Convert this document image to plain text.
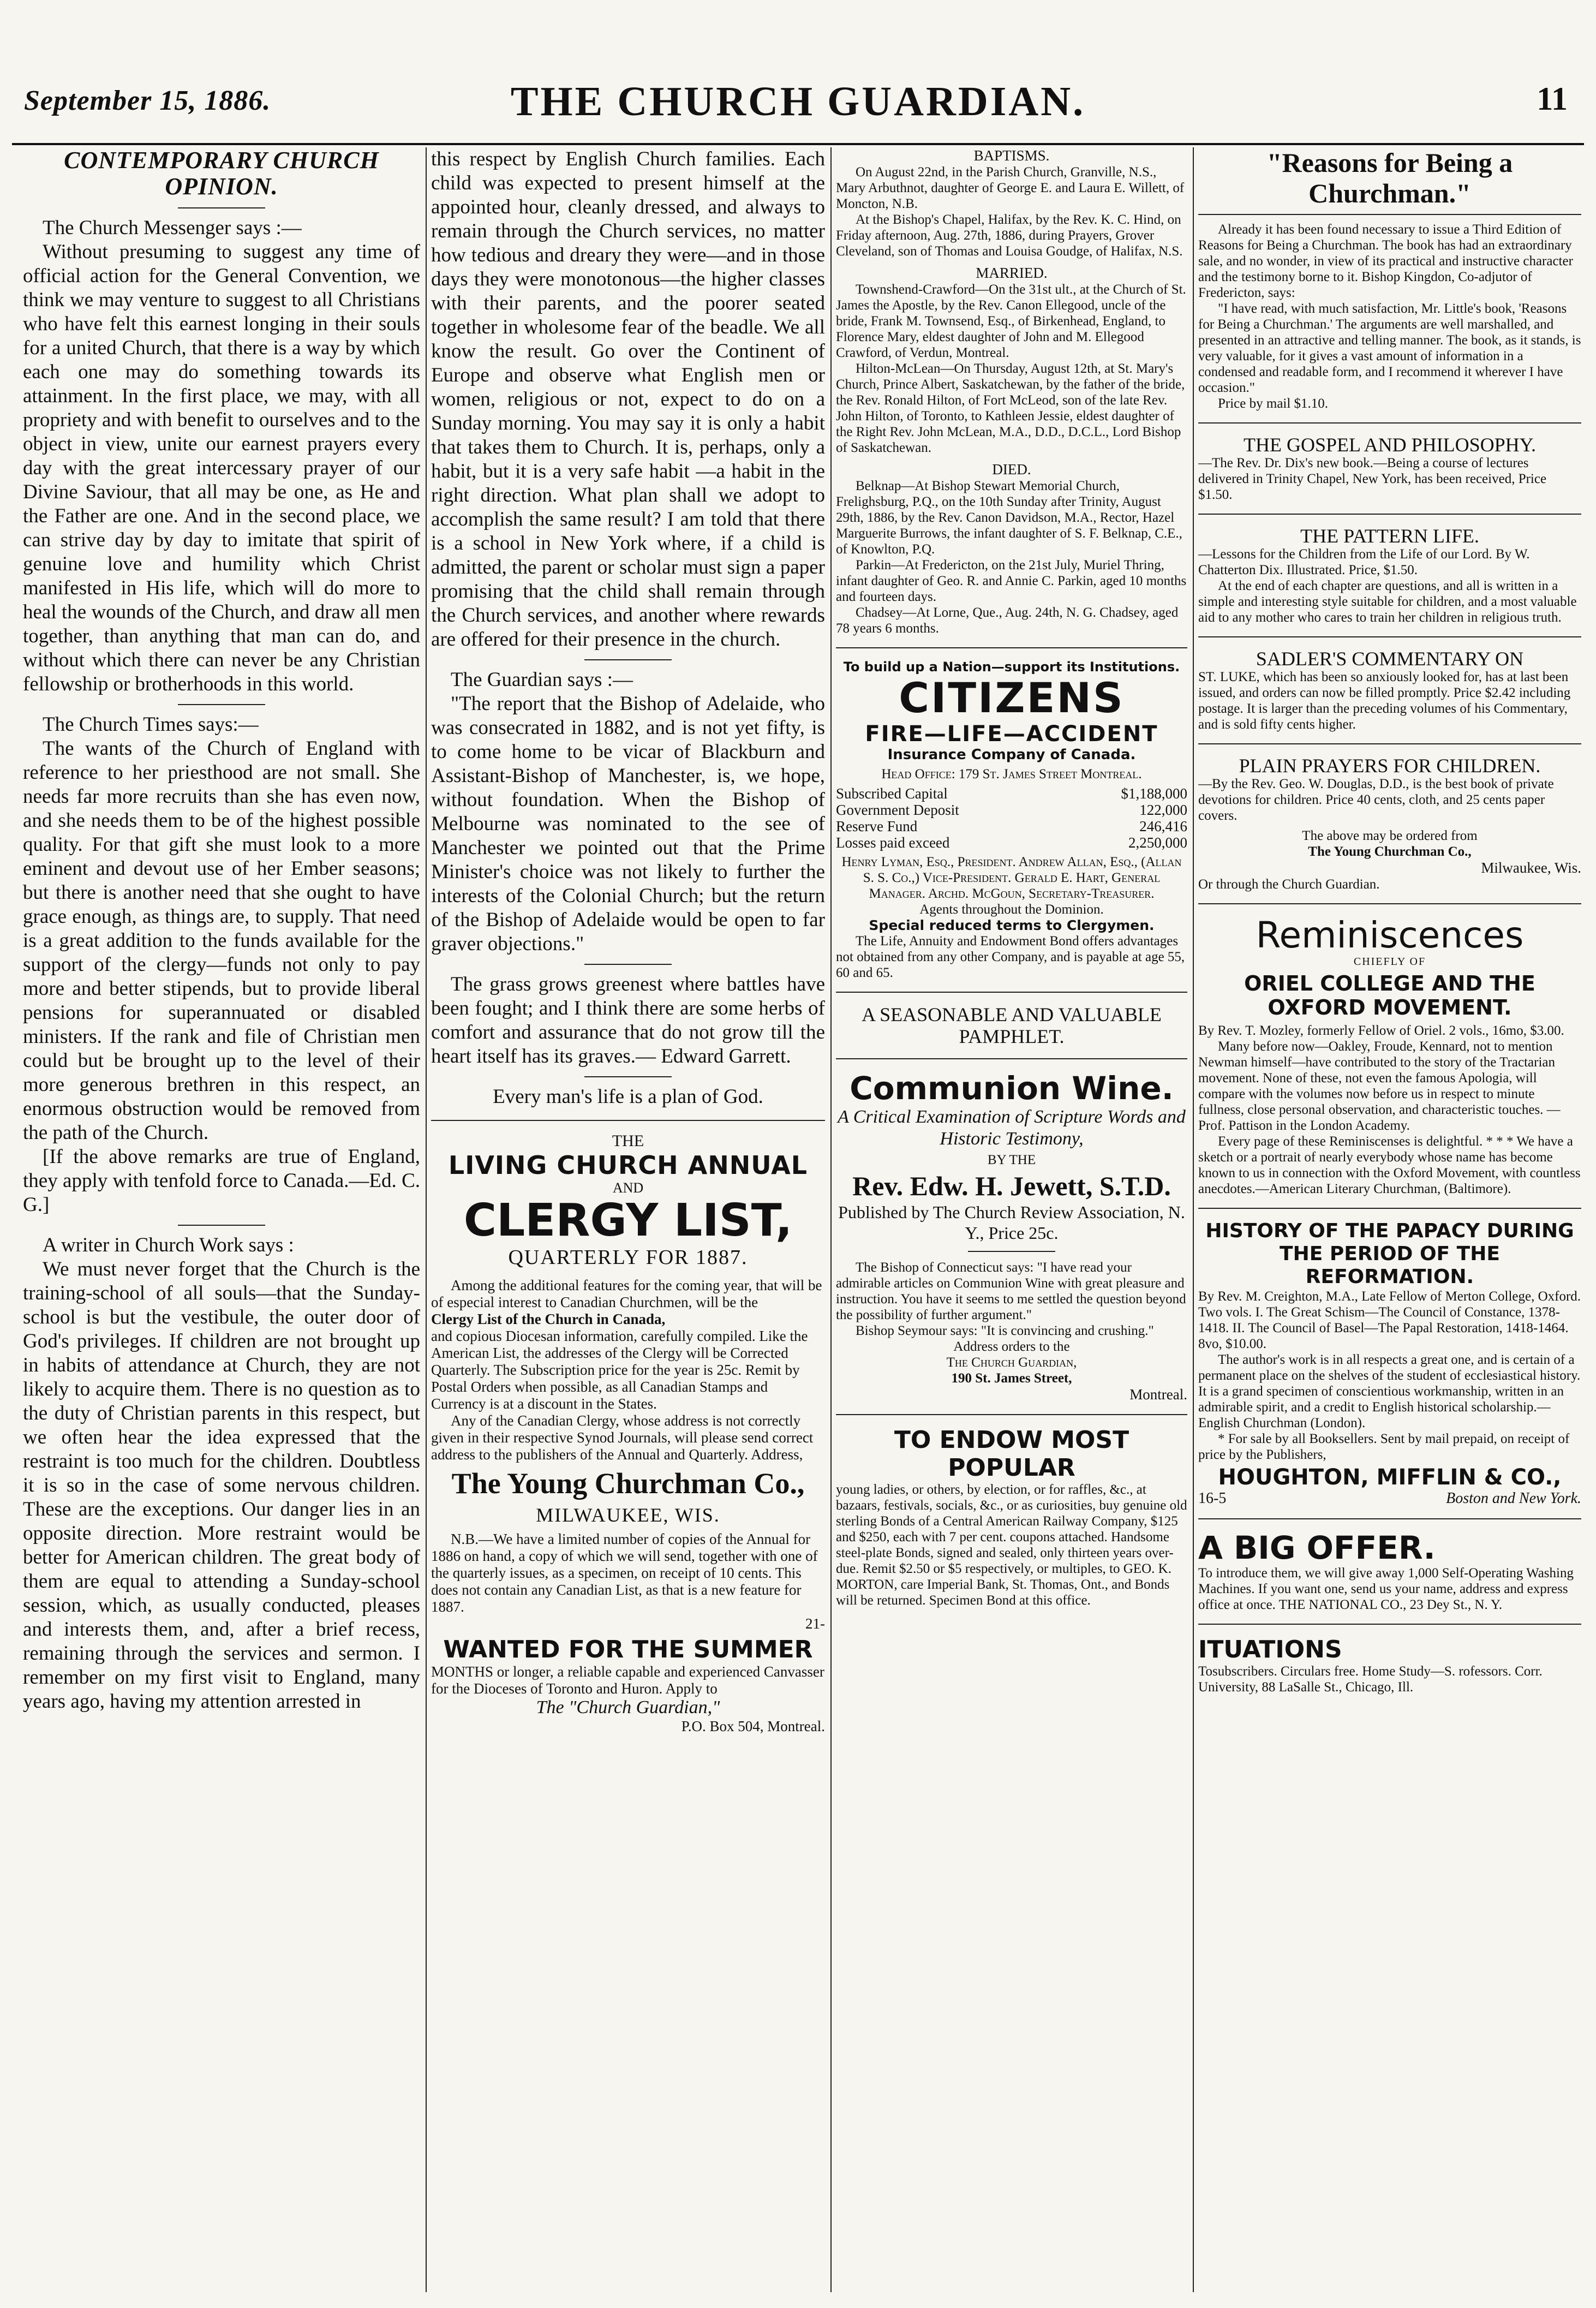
September 15, 1886.	THE CHURCH GUARDIAN.	11

CONTEMPORARY CHURCH OPINION.

The Church Messenger says :—

Without presuming to suggest any time of official action for the General Convention, we think we may venture to suggest to all Christians who have felt this earnest longing in their souls for a united Church, that there is a way by which each one may do something towards its attainment. In the first place, we may, with all propriety and with benefit to ourselves and to the object in view, unite our earnest prayers every day with the great intercessary prayer of our Divine Saviour, that all may be one, as He and the Father are one. And in the second place, we can strive day by day to imitate that spirit of genuine love and humility which Christ manifested in His life, which will do more to heal the wounds of the Church, and draw all men together, than anything that man can do, and without which there can never be any Christian fellowship or brotherhoods in this world.

The Church Times says:—

The wants of the Church of England with reference to her priesthood are not small. She needs far more recruits than she has even now, and she needs them to be of the highest possible quality. For that gift she must look to a more eminent and devout use of her Ember seasons; but there is another need that she ought to have grace enough, as things are, to supply. That need is a great addition to the funds available for the support of the clergy—funds not only to pay more and better stipends, but to provide liberal pensions for superannuated or disabled ministers. If the rank and file of Christian men could but be brought up to the level of their more generous brethren in this respect, an enormous obstruction would be removed from the path of the Church.

[If the above remarks are true of England, they apply with tenfold force to Canada.—Ed. C. G.]

A writer in Church Work says :

We must never forget that the Church is the training-school of all souls—that the Sunday-school is but the vestibule, the outer door of God's privileges. If children are not brought up in habits of attendance at Church, they are not likely to acquire them. There is no question as to the duty of Christian parents in this respect, but we often hear the idea expressed that the restraint is too much for the children. Doubtless it is so in the case of some nervous children. These are the exceptions. Our danger lies in an opposite direction. More restraint would be better for American children. The great body of them are equal to attending a Sunday-school session, which, as usually conducted, pleases and interests them, and, after a brief recess, remaining through the services and sermon. I remember on my first visit to England, many years ago, having my attention arrested in

this respect by English Church families. Each child was expected to present himself at the appointed hour, cleanly dressed, and always to remain through the Church services, no matter how tedious and dreary they were—and in those days they were monotonous—the higher classes with their parents, and the poorer seated together in wholesome fear of the beadle. We all know the result. Go over the Continent of Europe and observe what English men or women, religious or not, expect to do on a Sunday morning. You may say it is only a habit that takes them to Church. It is, perhaps, only a habit, but it is a very safe habit —a habit in the right direction. What plan shall we adopt to accomplish the same result? I am told that there is a school in New York where, if a child is admitted, the parent or scholar must sign a paper promising that the child shall remain through the Church services, and another where rewards are offered for their presence in the church.

The Guardian says :—

"The report that the Bishop of Adelaide, who was consecrated in 1882, and is not yet fifty, is to come home to be vicar of Blackburn and Assistant-Bishop of Manchester, is, we hope, without foundation. When the Bishop of Melbourne was nominated to the see of Manchester we pointed out that the Prime Minister's choice was not likely to further the interests of the Colonial Church; but the return of the Bishop of Adelaide would be open to far graver objections."

The grass grows greenest where battles have been fought; and I think there are some herbs of comfort and assurance that do not grow till the heart itself has its graves.— Edward Garrett.

Every man's life is a plan of God.

THE

LIVING CHURCH ANNUAL

AND

CLERGY LIST,

QUARTERLY FOR 1887.

Among the additional features for the coming year, that will be of especial interest to Canadian Churchmen, will be the

Clergy List of the Church in Canada,

and copious Diocesan information, carefully compiled. Like the American List, the addresses of the Clergy will be Corrected Quarterly. The Subscription price for the year is 25c. Remit by Postal Orders when possible, as all Canadian Stamps and Currency is at a discount in the States.

Any of the Canadian Clergy, whose address is not correctly given in their respective Synod Journals, will please send correct address to the publishers of the Annual and Quarterly. Address,

The Young Churchman Co.,

MILWAUKEE, WIS.

N.B.—We have a limited number of copies of the Annual for 1886 on hand, a copy of which we will send, together with one of the quarterly issues, as a specimen, on receipt of 10 cents. This does not contain any Canadian List, as that is a new feature for 1887.

21-

WANTED FOR THE SUMMER

MONTHS or longer, a reliable capable and experienced Canvasser for the Dioceses of Toronto and Huron. Apply to

The "Church Guardian,"

P.O. Box 504, Montreal.

BAPTISMS.

On August 22nd, in the Parish Church, Granville, N.S., Mary Arbuthnot, daughter of George E. and Laura E. Willett, of Moncton, N.B.

At the Bishop's Chapel, Halifax, by the Rev. K. C. Hind, on Friday afternoon, Aug. 27th, 1886, during Prayers, Grover Cleveland, son of Thomas and Louisa Goudge, of Halifax, N.S.

MARRIED.

Townshend-Crawford—On the 31st ult., at the Church of St. James the Apostle, by the Rev. Canon Ellegood, uncle of the bride, Frank M. Townsend, Esq., of Birkenhead, England, to Florence Mary, eldest daughter of John and M. Ellegood Crawford, of Verdun, Montreal.

Hilton-McLean—On Thursday, August 12th, at St. Mary's Church, Prince Albert, Saskatchewan, by the father of the bride, the Rev. Ronald Hilton, of Fort McLeod, son of the late Rev. John Hilton, of Toronto, to Kathleen Jessie, eldest daughter of the Right Rev. John McLean, M.A., D.D., D.C.L., Lord Bishop of Saskatchewan.

DIED.

Belknap—At Bishop Stewart Memorial Church, Frelighsburg, P.Q., on the 10th Sunday after Trinity, August 29th, 1886, by the Rev. Canon Davidson, M.A., Rector, Hazel Marguerite Burrows, the infant daughter of S. F. Belknap, C.E., of Knowlton, P.Q.

Parkin—At Fredericton, on the 21st July, Muriel Thring, infant daughter of Geo. R. and Annie C. Parkin, aged 10 months and fourteen days.

Chadsey—At Lorne, Que., Aug. 24th, N. G. Chadsey, aged 78 years 6 months.

To build up a Nation—support its Institutions.

CITIZENS

FIRE—LIFE—ACCIDENT

Insurance Company of Canada.

Head Office: 179 St. James Street Montreal.

Subscribed Capital	$1,188,000
Government Deposit	122,000
Reserve Fund	246,416
Losses paid exceed	2,250,000

Henry Lyman, Esq., President. Andrew Allan, Esq., (Allan S. S. Co.,) Vice-President. Gerald E. Hart, General Manager. Archd. McGoun, Secretary-Treasurer.

Agents throughout the Dominion.

Special reduced terms to Clergymen.

The Life, Annuity and Endowment Bond offers advantages not obtained from any other Company, and is payable at age 55, 60 and 65.

A SEASONABLE AND VALUABLE PAMPHLET.

Communion Wine.

A Critical Examination of Scripture Words and Historic Testimony,

BY THE

Rev. Edw. H. Jewett, S.T.D.

Published by The Church Review Association, N. Y., Price 25c.

The Bishop of Connecticut says: "I have read your admirable articles on Communion Wine with great pleasure and instruction. You have it seems to me settled the question beyond the possibility of further argument."

Bishop Seymour says: "It is convincing and crushing."

Address orders to the

The Church Guardian,

190 St. James Street,

Montreal.

TO ENDOW MOST POPULAR

young ladies, or others, by election, or for raffles, &c., at bazaars, festivals, socials, &c., or as curiosities, buy genuine old sterling Bonds of a Central American Railway Company, $125 and $250, each with 7 per cent. coupons attached. Handsome steel-plate Bonds, signed and sealed, only thirteen years over-due. Remit $2.50 or $5 respectively, or multiples, to GEO. K. MORTON, care Imperial Bank, St. Thomas, Ont., and Bonds will be returned. Specimen Bond at this office.

"Reasons for Being a Churchman."

Already it has been found necessary to issue a Third Edition of Reasons for Being a Churchman. The book has had an extraordinary sale, and no wonder, in view of its practical and instructive character and the testimony borne to it. Bishop Kingdon, Co-adjutor of Fredericton, says:

"I have read, with much satisfaction, Mr. Little's book, 'Reasons for Being a Churchman.' The arguments are well marshalled, and presented in an attractive and telling manner. The book, as it stands, is very valuable, for it gives a vast amount of information in a condensed and readable form, and I recommend it wherever I have occasion."

Price by mail $1.10.

THE GOSPEL AND PHILOSOPHY.

—The Rev. Dr. Dix's new book.—Being a course of lectures delivered in Trinity Chapel, New York, has been received, Price $1.50.

THE PATTERN LIFE.

—Lessons for the Children from the Life of our Lord. By W. Chatterton Dix. Illustrated. Price, $1.50.

At the end of each chapter are questions, and all is written in a simple and interesting style suitable for children, and a most valuable aid to any mother who cares to train her children in religious truth.

SADLER'S COMMENTARY ON

ST. LUKE, which has been so anxiously looked for, has at last been issued, and orders can now be filled promptly. Price $2.42 including postage. It is larger than the preceding volumes of his Commentary, and is sold fifty cents higher.

PLAIN PRAYERS FOR CHILDREN.

—By the Rev. Geo. W. Douglas, D.D., is the best book of private devotions for children. Price 40 cents, cloth, and 25 cents paper covers.

The above may be ordered from

The Young Churchman Co.,

Milwaukee, Wis.

Or through the Church Guardian.

Reminiscences

CHIEFLY OF

ORIEL COLLEGE AND THE OXFORD MOVEMENT.

By Rev. T. Mozley, formerly Fellow of Oriel. 2 vols., 16mo, $3.00.

Many before now—Oakley, Froude, Kennard, not to mention Newman himself—have contributed to the story of the Tractarian movement. None of these, not even the famous Apologia, will compare with the volumes now before us in respect to minute fullness, close personal observation, and characteristic touches. —Prof. Pattison in the London Academy.

Every page of these Reminiscenses is delightful. * * * We have a sketch or a portrait of nearly everybody whose name has become known to us in connection with the Oxford Movement, with countless anecdotes.—American Literary Churchman, (Baltimore).

HISTORY OF THE PAPACY DURING THE PERIOD OF THE REFORMATION.

By Rev. M. Creighton, M.A., Late Fellow of Merton College, Oxford. Two vols. I. The Great Schism—The Council of Constance, 1378-1418. II. The Council of Basel—The Papal Restoration, 1418-1464. 8vo, $10.00.

The author's work is in all respects a great one, and is certain of a permanent place on the shelves of the student of ecclesiastical history. It is a grand specimen of conscientious workmanship, written in an admirable spirit, and a credit to English historical scholarship.—English Churchman (London).

* For sale by all Booksellers. Sent by mail prepaid, on receipt of price by the Publishers,

HOUGHTON, MIFFLIN & CO.,

16-5	Boston and New York.

A BIG OFFER.

To introduce them, we will give away 1,000 Self-Operating Washing Machines. If you want one, send us your name, address and express office at once. THE NATIONAL CO., 23 Dey St., N. Y.

ITUATIONS

Tosubscribers. Circulars free. Home Study—S. rofessors. Corr. University, 88 LaSalle St., Chicago, Ill.
